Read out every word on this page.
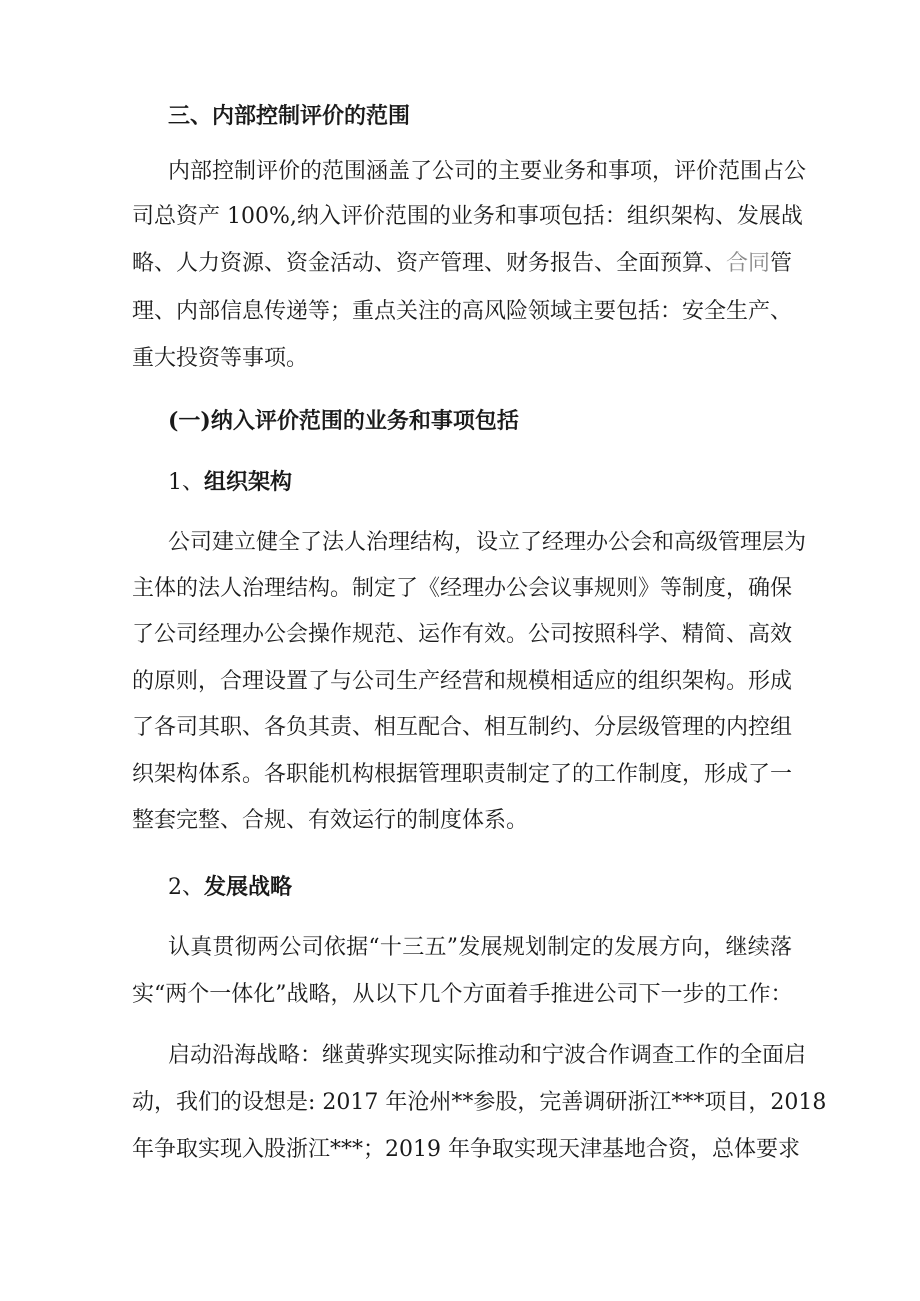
三、内部控制评价的范围
内部控制评价的范围涵盖了公司的主要业务和事项，评价范围占公
司总资产 100%,纳入评价范围的业务和事项包括：组织架构、发展战
略、人力资源、资金活动、资产管理、财务报告、全面预算、合同管
理、内部信息传递等；重点关注的高风险领域主要包括：安全生产、
重大投资等事项。
(一)纳入评价范围的业务和事项包括
1、组织架构
公司建立健全了法人治理结构，设立了经理办公会和高级管理层为
主体的法人治理结构。制定了《经理办公会议事规则》等制度，确保
了公司经理办公会操作规范、运作有效。公司按照科学、精简、高效
的原则，合理设置了与公司生产经营和规模相适应的组织架构。形成
了各司其职、各负其责、相互配合、相互制约、分层级管理的内控组
织架构体系。各职能机构根据管理职责制定了的工作制度，形成了一
整套完整、合规、有效运行的制度体系。
2、发展战略
认真贯彻两公司依据“十三五”发展规划制定的发展方向，继续落
实“两个一体化”战略，从以下几个方面着手推进公司下一步的工作：
启动沿海战略：继黄骅实现实际推动和宁波合作调查工作的全面启
动，我们的设想是: 2017 年沧州**参股，完善调研浙江***项目，2018
年争取实现入股浙江***；2019 年争取实现天津基地合资，总体要求
